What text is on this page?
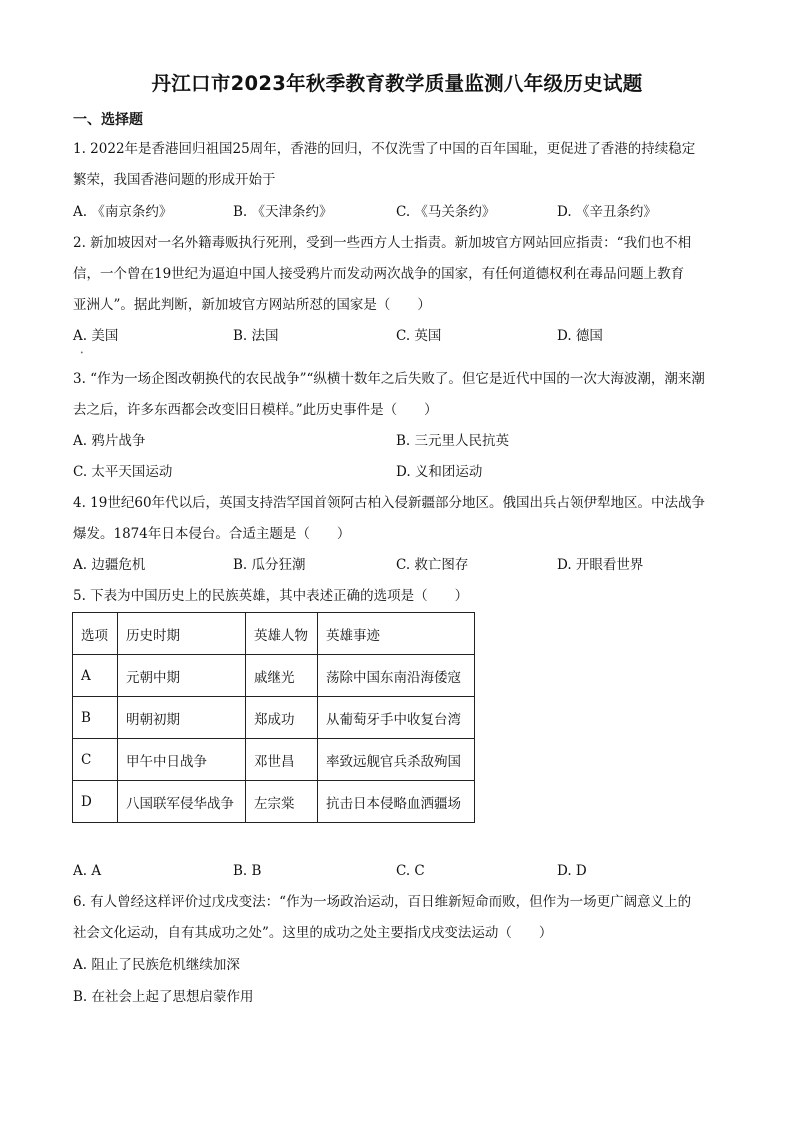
丹江口市2023年秋季教育教学质量监测八年级历史试题
一、选择题
1. 2022年是香港回归祖国25周年，香港的回归，不仅洗雪了中国的百年国耻，更促进了香港的持续稳定
繁荣，我国香港问题的形成开始于
A. 《南京条约》	B. 《天津条约》	C. 《马关条约》	D. 《辛丑条约》
2. 新加坡因对一名外籍毒贩执行死刑，受到一些西方人士指责。新加坡官方网站回应指责：“我们也不相
信，一个曾在19世纪为逼迫中国人接受鸦片而发动两次战争的国家，有任何道德权利在毒品问题上教育
亚洲人”。据此判断，新加坡官方网站所怼的国家是（　　）
A. 美国	B. 法国	C. 英国	D. 德国
•
3. “作为一场企图改朝换代的农民战争”“纵横十数年之后失败了。但它是近代中国的一次大海波潮，潮来潮
去之后，许多东西都会改变旧日模样。”此历史事件是（　　）
A. 鸦片战争	B. 三元里人民抗英
C. 太平天国运动	D. 义和团运动
4. 19世纪60年代以后，英国支持浩罕国首领阿古柏入侵新疆部分地区。俄国出兵占领伊犁地区。中法战争
爆发。1874年日本侵台。合适主题是（　　）
A. 边疆危机	B. 瓜分狂潮	C. 救亡图存	D. 开眼看世界
5. 下表为中国历史上的民族英雄，其中表述正确的选项是（　　）
选项	历史时期	英雄人物	英雄事迹
A	元朝中期	戚继光	荡除中国东南沿海倭寇
B	明朝初期	郑成功	从葡萄牙手中收复台湾
C	甲午中日战争	邓世昌	率致远舰官兵杀敌殉国
D	八国联军侵华战争	左宗棠	抗击日本侵略血洒疆场
A. A	B. B	C. C	D. D
6. 有人曾经这样评价过戊戌变法：“作为一场政治运动，百日维新短命而败，但作为一场更广阔意义上的
社会文化运动，自有其成功之处”。这里的成功之处主要指戊戌变法运动（　　）
A. 阻止了民族危机继续加深
B. 在社会上起了思想启蒙作用
